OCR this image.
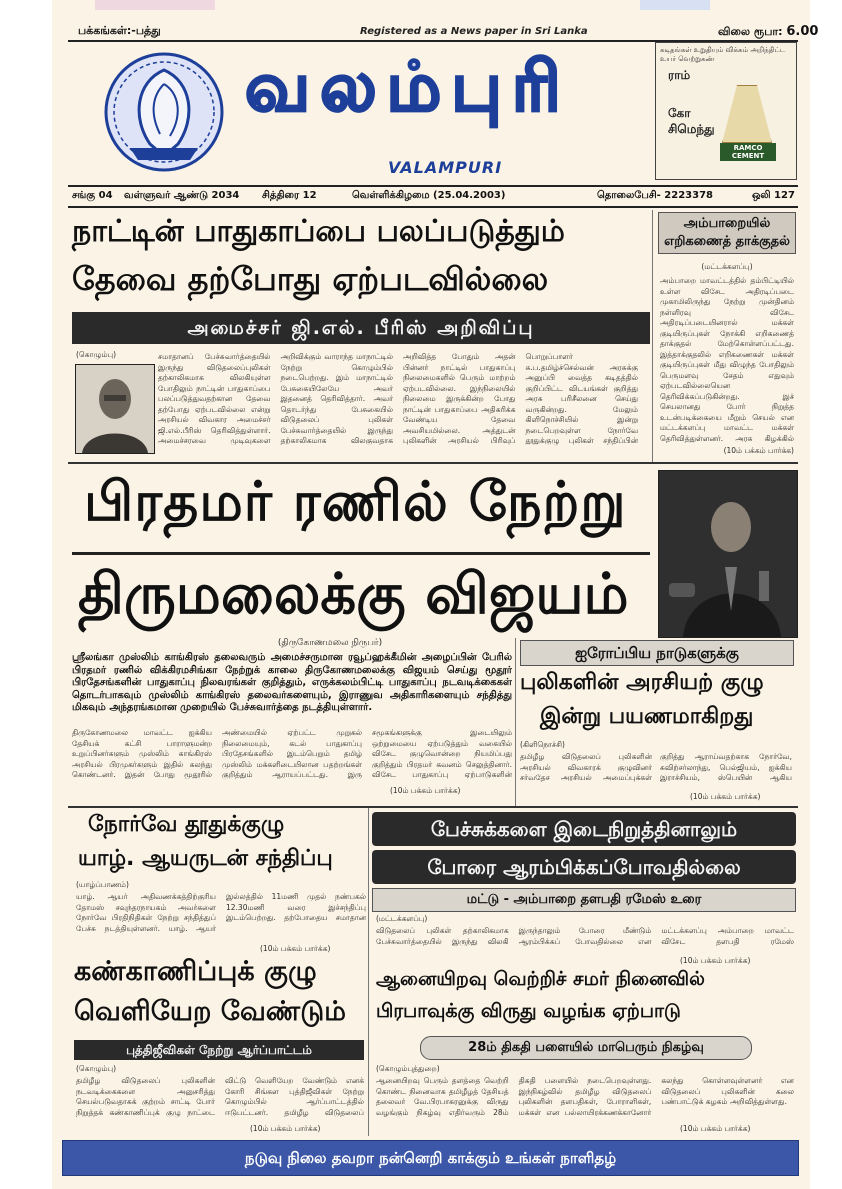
பக்கங்கள்:-பத்து	Registered as a News paper in Sri Lanka	விலை ரூபா: 6.00
வலம்புரி
VALAMPURI
கடிதங்கள் உறுதியும் விக்கம் அறிந்திட்ட உயர் வெற்றுகண்
ராம்
கோ
சிமெந்து
RAMCO CEMENT
சங்கு 04 வள்ளுவர் ஆண்டு 2034 சித்திரை 12	வெள்ளிக்கிழமை (25.04.2003)	தொலைபேசி- 2223378	ஒலி 127
நாட்டின் பாதுகாப்பை பலப்படுத்தும்
தேவை தற்போது ஏற்படவில்லை
அமைச்சர் ஜி.எல். பீரிஸ் அறிவிப்பு
(கொழும்பு)	சமாதானப் பேச்சுவார்த்தையில் இருந்து விடுதலைப்புலிகள் தற்காலிகமாக விலகியுள்ள போதிலும் நாட்டின் பாதுகாப்பை பலப்படுத்துவதற்கான தேவை தற்போது ஏற்படவில்லை என்று அரசியல் விவகார அமைச்சர் ஜி.எல்.பீரிஸ் தெரிவித்துள்ளார். அமைச்சரவை முடிவுகளை அறிவிக்கும் வாராந்த மாநாட்டில் நேற்று கொழும்பில் நடைபெற்றது. இம் மாநாட்டில் பேசுகையிலேயே அவர் இதனைத் தெரிவித்தார். அவர் தொடர்ந்து பேசுகையில் விடுதலைப் புலிகள் பேச்சுவார்த்தையில் இருந்து தற்காலிகமாக விலகுவதாக அறிவித்த போதும் அதன் பின்னர் நாட்டில் பாதுகாப்பு நிலைமைகளில் பெரும் மாற்றம் ஏற்படவில்லை. இந்நிலையில் நிலைமை இருக்கின்ற போது நாட்டின் பாதுகாப்பை அதிகரிக்க வேண்டிய தேவை அவசியமில்லை. அத்துடன் புலிகளின் அரசியல் பிரிவுப் பொறுப்பாளர் சு.ப.தமிழ்ச்செல்வன் அரசுக்கு அனுப்பி வைத்த கடிதத்தில் குறிப்பிட்ட விடயங்கள் குறித்து அரசு பரிசீலனை செய்து வருகின்றது. மேலும் கிளிநொச்சியில் இன்று நடைபெறவுள்ள நோர்வே தூதுக்குழு புலிகள் சந்திப்பின்
அம்பாறையில்
எறிகணைத் தாக்குதல்
(மட்டக்களப்பு)
அம்பாறை மாவட்டத்தில் தம்பிட்டியில் உள்ள விசேட அதிரடிப்படை முகாமிலிருந்து நேற்று முன்தினம் நள்ளிரவு விசேட அதிரடிப்படையினரால் மக்கள் குடியிருப்புகள் நோக்கி எறிகணைத் தாக்குதல் மேற்கொள்ளப்பட்டது. இத்தாக்குதலில் எறிகணைகள் மக்கள் குடியிருப்புகள் மீது விழுந்த போதிலும் பெருமளவு சேதம் எதுவும் ஏற்படவில்லையென தெரிவிக்கப்படுகின்றது. இச் செயலானது போர் நிறுத்த உடன்படிக்கையை மீறும் செயல் என மட்டக்களப்பு மாவட்ட மக்கள் தெரிவித்துள்ளனர். அரசு கிழக்கில்
(10ம் பக்கம் பார்க்க)
பிரதமர் ரணில் நேற்று
திருமலைக்கு விஜயம்
(திருகோணமலை நிருபர்)
ஸ்ரீலங்கா முஸ்லிம் காங்கிரஸ் தலைவரும் அமைச்சருமான ரவூப்ஹக்கீமின் அழைப்பின் பேரில் பிரதமர் ரணில் விக்கிரமசிங்கா நேற்றுக் காலை திருகோணமலைக்கு விஜயம் செய்து மூதூர் பிரதேசங்களின் பாதுகாப்பு நிலவரங்கள் குறித்தும், எருக்கலம்பிட்டி பாதுகாப்பு நடவடிக்கைகள் தொடர்பாகவும் முஸ்லிம் காங்கிரஸ் தலைவர்களையும், இராணுவ அதிகாரிகளையும் சந்தித்து மிகவும் அந்தரங்கமான முறையில் பேச்சுவார்த்தை நடத்தியுள்ளார்.
திருகோணமலை மாவட்ட ஐக்கிய தேசியக் கட்சி பாராளுமன்ற உறுப்பினர்களும் முஸ்லிம் காங்கிரஸ் அரசியல் பிரமுகர்களும் இதில் கலந்து கொண்டனர். இதன் போது மூதூரில் அண்மையில் ஏற்பட்ட முறுகல் நிலைமையும், கடல் பாதுகாப்பு பிரதேசங்களில் இடம்பெறும் தமிழ் முஸ்லிம் மக்களிடையிலான பதற்றங்கள் குறித்தும் ஆராயப்பட்டது. இரு சமூகங்களுக்கு இடையிலும் ஒற்றுமையை ஏற்படுத்தும் வகையில் விசேட குழுவொன்றை நியமிப்பது குறித்தும் பிரதமர் கவனம் செலுத்தினார். விசேட பாதுகாப்பு ஏற்பாடுகளின்
(10ம் பக்கம் பார்க்க)
ஐரோப்பிய நாடுகளுக்கு
புலிகளின் அரசியற் குழு
இன்று பயணமாகிறது
(கிளிநொச்சி)
தமிழீழ விடுதலைப் புலிகளின் அரசியல் விவகாரக் குழுவினர் சர்வதேச அரசியல் அமைப்புக்கள் குறித்து ஆராய்வதற்காக நோர்வே, சுவிற்சர்லாந்து, பெல்ஜியம், ஐக்கிய இராச்சியம், ஸ்பெயின் ஆகிய
(10ம் பக்கம் பார்க்க)
நோர்வே தூதுக்குழு
யாழ். ஆயருடன் சந்திப்பு
(யாழ்ப்பாணம்)
யாழ். ஆயர் அதிவணக்கத்திற்குரிய தோமஸ் சவுந்தரநாயகம் அவர்களை நோர்வே பிரதிநிதிகள் நேற்று சந்தித்துப் பேச்சு நடத்தியுள்ளனர். யாழ். ஆயர் இல்லத்தில் 11மணி முதல் நண்பகல் 12.30மணி வரை இச்சந்திப்பு இடம்பெற்றது. தற்போதைய சமாதான
(10ம் பக்கம் பார்க்க)
பேச்சுக்களை இடைநிறுத்தினாலும்
போரை ஆரம்பிக்கப்போவதில்லை
மட்டு - அம்பாறை தளபதி ரமேஸ் உரை
(மட்டக்களப்பு)
விடுதலைப் புலிகள் தற்காலிகமாக பேச்சுவார்த்தையில் இருந்து விலகி இருந்தாலும் போரை மீண்டும் ஆரம்பிக்கப் போவதில்லை என மட்டக்களப்பு அம்பாறை மாவட்ட விசேட தளபதி ரமேஸ்
(10ம் பக்கம் பார்க்க)
கண்காணிப்புக் குழு
வெளியேற வேண்டும்
புத்திஜீவிகள் நேற்று ஆர்ப்பாட்டம்
(கொழும்பு)
தமிழீழ விடுதலைப் புலிகளின் நடவடிக்கைகளை அனுசரித்து செயல்படுவதாகக் குற்றம் சாட்டி போர் நிறுத்தக் கண்காணிப்புக் குழு நாட்டை விட்டு வெளியேற வேண்டும் எனக் கோரி சிங்கள புத்திஜீவிகள் நேற்று கொழும்பில் ஆர்ப்பாட்டத்தில் ஈடுபட்டனர். தமிழீழ விடுதலைப்
(10ம் பக்கம் பார்க்க)
ஆனையிறவு வெற்றிச் சமர் நினைவில்
பிரபாவுக்கு விருது வழங்க ஏற்பாடு
28ம் திகதி பளையில் மாபெரும் நிகழ்வு
(கொழும்புத்துறை)
ஆனையிறவு பெரும் தளத்தை வெற்றி கொண்ட நினைவாக தமிழீழத் தேசியத் தலைவர் வே.பிரபாகரனுக்கு விருது வழங்கும் நிகழ்வு எதிர்வரும் 28ம் திகதி பளையில் நடைபெறவுள்ளது. இந்நிகழ்வில் தமிழீழ விடுதலைப் புலிகளின் தளபதிகள், போராளிகள், மக்கள் என பல்லாயிரக்கணக்கானோர் கலந்து கொள்ளவுள்ளனர் என விடுதலைப் புலிகளின் கலை பண்பாட்டுக் கழகம் அறிவித்துள்ளது.
(10ம் பக்கம் பார்க்க)
நடுவு நிலை தவறா நன்னெறி காக்கும் உங்கள் நாளிதழ்
